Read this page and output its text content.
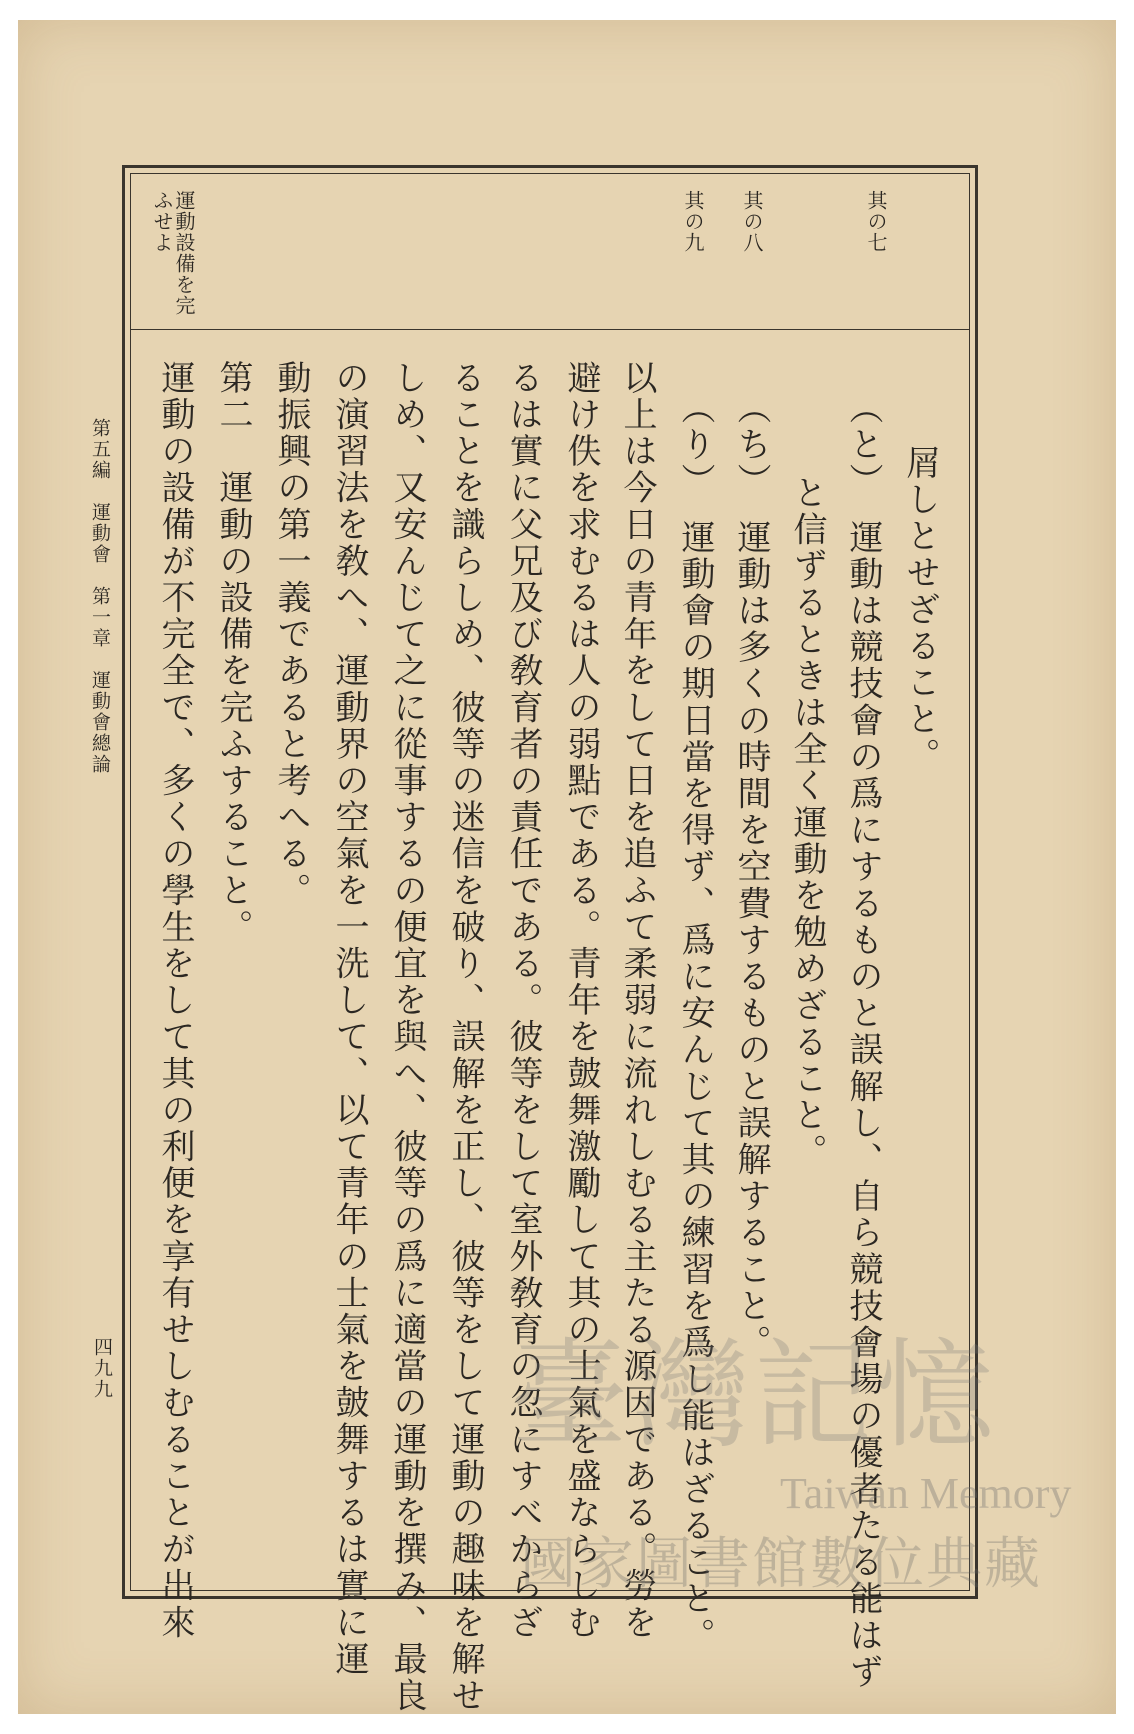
其の七
其の八
其の九
運動設備を完
ふせよ
屑しとせざること。
（と）　運動は競技會の爲にするものと誤解し、自ら競技會場の優者たる能はず
と信ずるときは全く運動を勉めざること。
（ち）　運動は多くの時間を空費するものと誤解すること。
（り）　運動會の期日當を得ず、爲に安んじて其の練習を爲し能はざること。
以上は今日の青年をして日を追ふて柔弱に流れしむる主たる源因である。勞を
避け佚を求むるは人の弱點である。青年を皷舞激勵して其の士氣を盛ならしむ
るは實に父兄及び敎育者の責任である。彼等をして室外敎育の忽にすべからざ
ることを識らしめ、彼等の迷信を破り、誤解を正し、彼等をして運動の趣味を解せ
しめ、又安んじて之に從事するの便宜を與へ、彼等の爲に適當の運動を撰み、最良
の演習法を敎へ、運動界の空氣を一洗して、以て青年の士氣を皷舞するは實に運
動振興の第一義であると考へる。
第二　運動の設備を完ふすること。
運動の設備が不完全で、多くの學生をして其の利便を享有せしむることが出來
第五編　運動會　第一章　運動會總論
四九九	臺灣記憶
Taiwan Memory
國家圖書館數位典藏
